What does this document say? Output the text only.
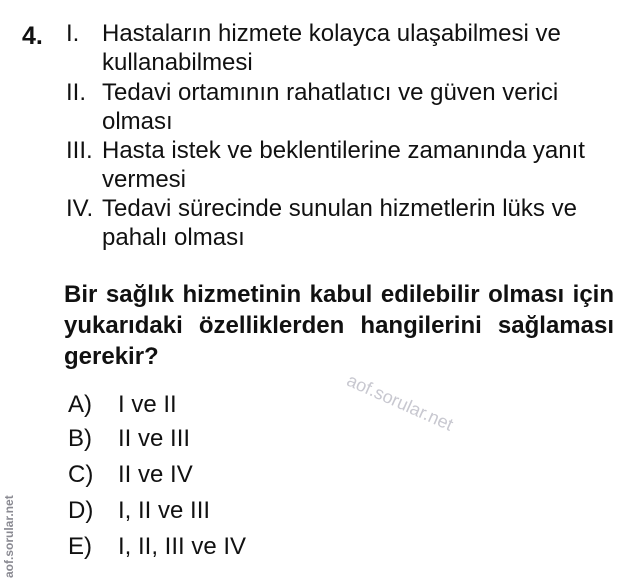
4. I. Hastaların hizmete kolayca ulaşabilmesi ve
kullanabilmesi
II. Tedavi ortamının rahatlatıcı ve güven verici
olması
III. Hasta istek ve beklentilerine zamanında yanıt
vermesi
IV. Tedavi sürecinde sunulan hizmetlerin lüks ve
pahalı olması
Bir sağlık hizmetinin kabul edilebilir olması için yukarıdaki özelliklerden hangilerini sağlaması gerekir?
aof.sorular.net
A) I ve II
B) II ve III
C) II ve IV
D) I, II ve III
E) I, II, III ve IV
aof.sorular.net
